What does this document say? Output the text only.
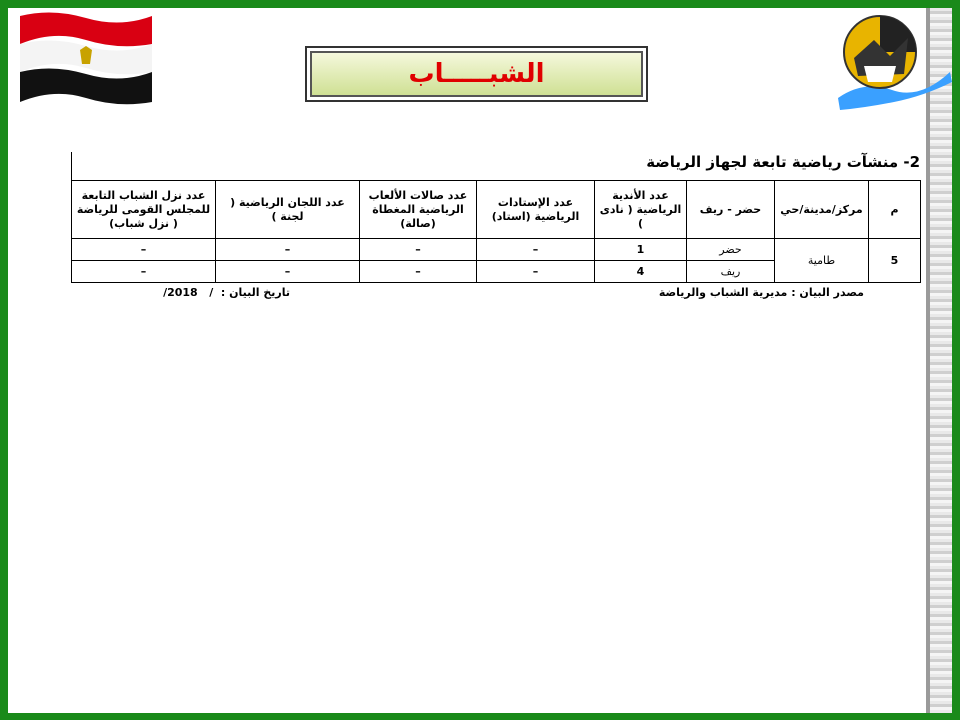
الشبـــــاب
2- منشآت رياضية تابعة لجهاز الرياضة
م	مركز/مدينة/حي	حضر - ريف	عدد الأندية الرياضية ( نادى )	عدد الإستادات الرياضية (استاد)	عدد صالات الألعاب الرياضية المغطاة (صالة)	عدد اللجان الرياضية ( لجنة )	عدد نزل الشباب التابعة للمجلس القومى للرياضة ( نزل شباب)
5	طامية	حضر	1	–	–	–	–
		ريف	4	–	–	–	–
مصدر البيان : مديرية الشباب والرياضة
تاريخ البيان :  /   2018/
